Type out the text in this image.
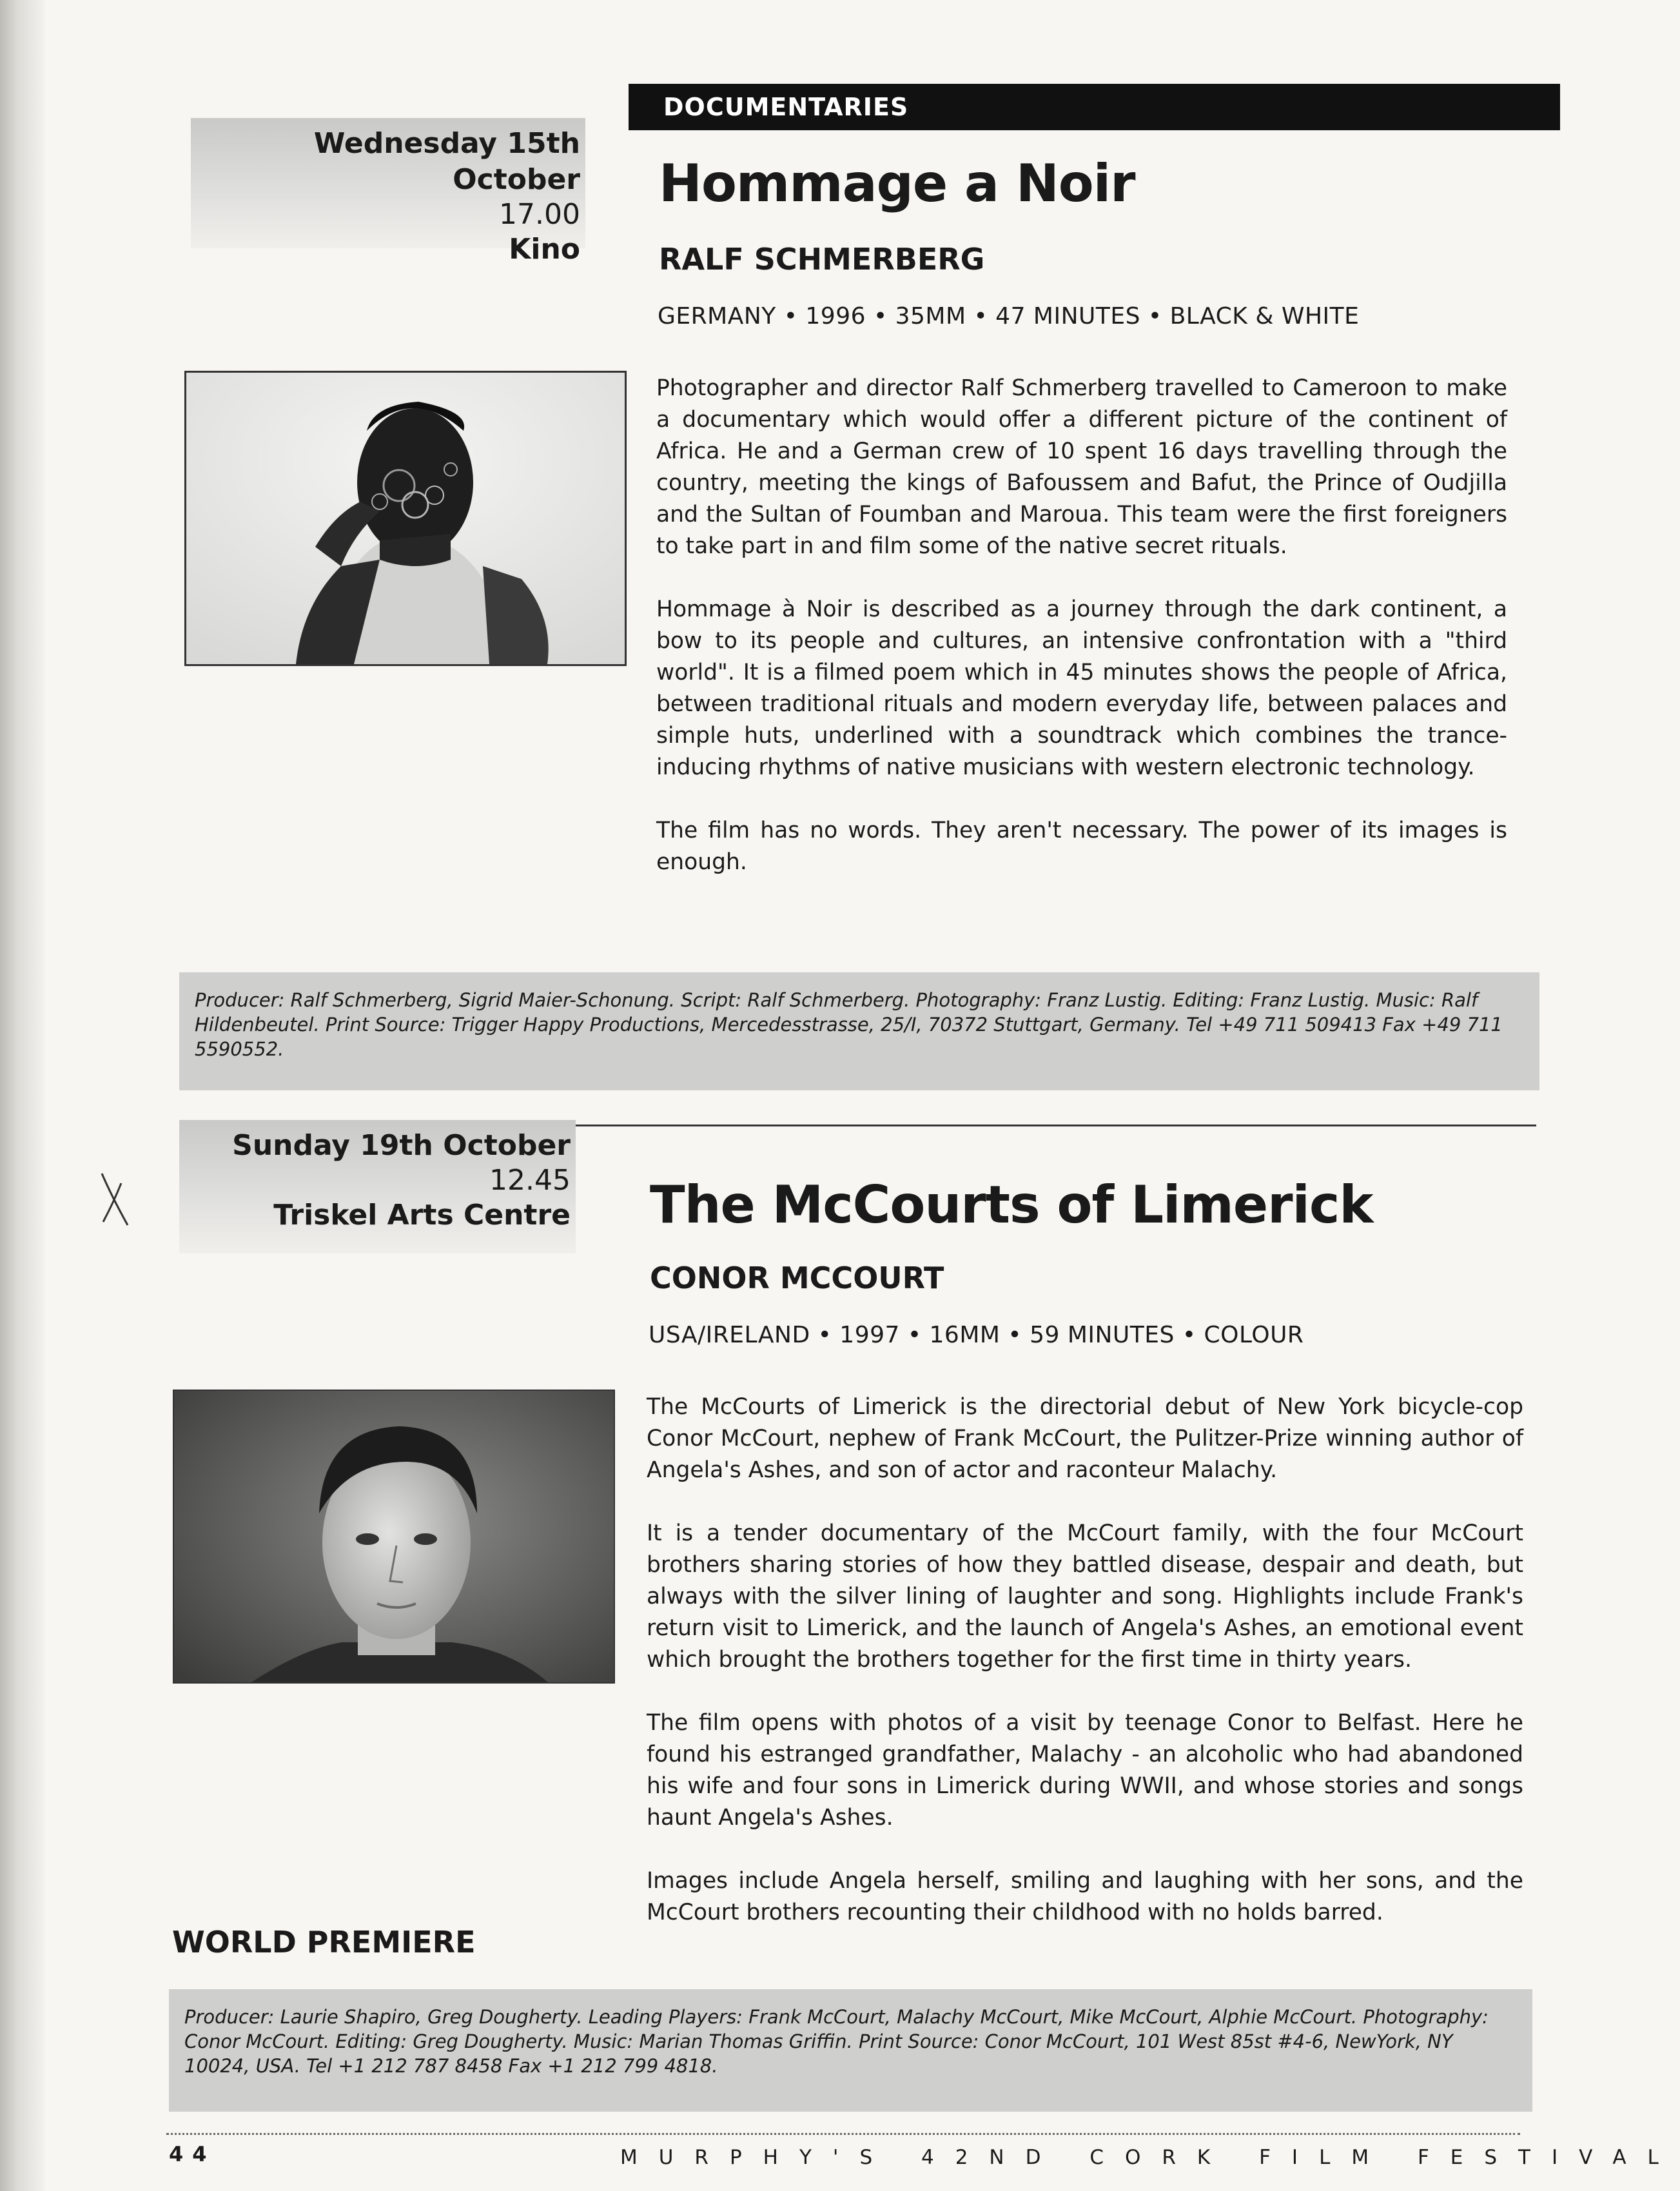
DOCUMENTARIES
Wednesday 15th October
17.00
Kino
Hommage a Noir
RALF SCHMERBERG
GERMANY • 1996 • 35MM • 47 MINUTES • BLACK & WHITE

Photographer and director Ralf Schmerberg travelled to Cameroon to make a documentary which would offer a different picture of the continent of Africa. He and a German crew of 10 spent 16 days travelling through the country, meeting the kings of Bafoussem and Bafut, the Prince of Oudjilla and the Sultan of Foumban and Maroua. This team were the first foreigners to take part in and film some of the native secret rituals.

Hommage à Noir is described as a journey through the dark continent, a bow to its people and cultures, an intensive confrontation with a "third world". It is a filmed poem which in 45 minutes shows the people of Africa, between traditional rituals and modern everyday life, between palaces and simple huts, underlined with a soundtrack which combines the trance-inducing rhythms of native musicians with western electronic technology.

The film has no words. They aren't necessary. The power of its images is enough.

Producer: Ralf Schmerberg, Sigrid Maier-Schonung. Script: Ralf Schmerberg. Photography: Franz Lustig. Editing: Franz Lustig. Music: Ralf Hildenbeutel. Print Source: Trigger Happy Productions, Mercedesstrasse, 25/I, 70372 Stuttgart, Germany. Tel +49 711 509413 Fax +49 711 5590552.
Sunday 19th October
12.45
Triskel Arts Centre The McCourts of Limerick
CONOR MCCOURT
USA/IRELAND • 1997 • 16MM • 59 MINUTES • COLOUR

The McCourts of Limerick is the directorial debut of New York bicycle-cop Conor McCourt, nephew of Frank McCourt, the Pulitzer-Prize winning author of Angela's Ashes, and son of actor and raconteur Malachy.

It is a tender documentary of the McCourt family, with the four McCourt brothers sharing stories of how they battled disease, despair and death, but always with the silver lining of laughter and song. Highlights include Frank's return visit to Limerick, and the launch of Angela's Ashes, an emotional event which brought the brothers together for the first time in thirty years.

The film opens with photos of a visit by teenage Conor to Belfast. Here he found his estranged grandfather, Malachy - an alcoholic who had abandoned his wife and four sons in Limerick during WWII, and whose stories and songs haunt Angela's Ashes.

Images include Angela herself, smiling and laughing with her sons, and the McCourt brothers recounting their childhood with no holds barred.

WORLD PREMIERE
Producer: Laurie Shapiro, Greg Dougherty. Leading Players: Frank McCourt, Malachy McCourt, Mike McCourt, Alphie McCourt. Photography: Conor McCourt. Editing: Greg Dougherty. Music: Marian Thomas Griffin. Print Source: Conor McCourt, 101 West 85st #4-6, NewYork, NY 10024, USA. Tel +1 212 787 8458 Fax +1 212 799 4818.
44	MURPHY'S 42ND CORK FILM FESTIVAL
